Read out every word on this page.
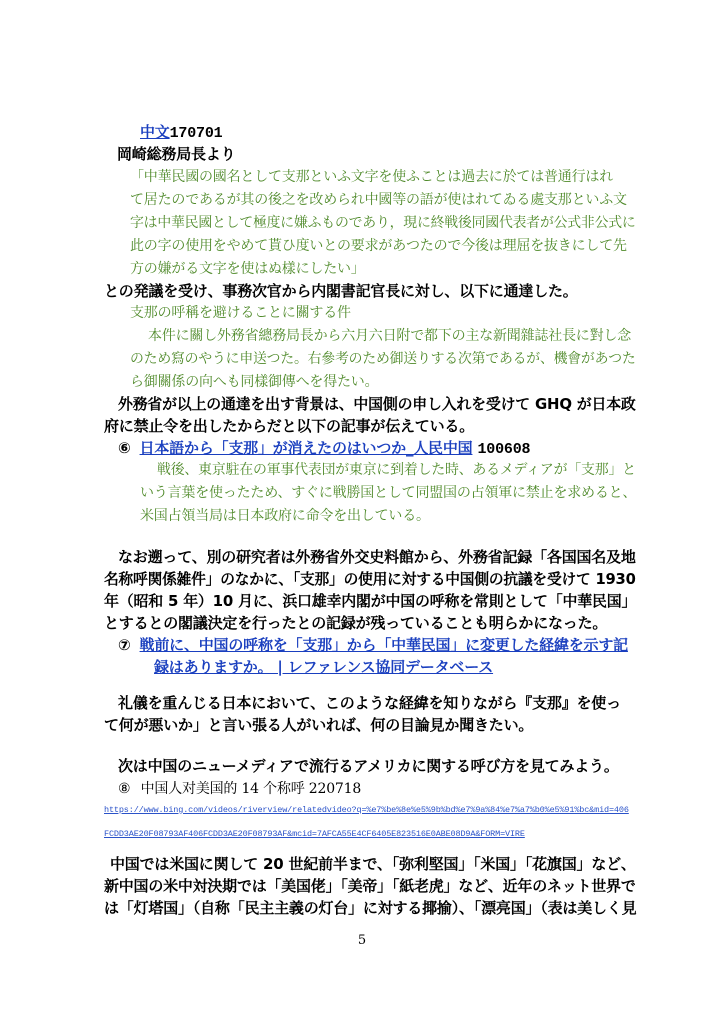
中文170701
岡崎総務局長より
「中華民國の國名として支那といふ文字を使ふことは過去に於ては普通行はれ
て居たのであるが其の後之を改められ中國等の語が使はれてゐる處支那といふ文
字は中華民國として極度に嫌ふものであり，現に終戦後同國代表者が公式非公式に
此の字の使用をやめて貰ひ度いとの要求があつたので今後は理屈を抜きにして先
方の嫌がる文字を使はぬ樣にしたい」
との発議を受け、事務次官から内閣書記官長に対し、以下に通達した。
支那の呼稱を避けることに關する件
本件に關し外務省總務局長から六月六日附で都下の主な新聞雜誌社長に對し念
のため寫のやうに申送つた。右參考のため御送りする次第であるが、機會があつた
ら御關係の向へも同樣御傳へを得たい。
外務省が以上の通達を出す背景は、中国側の申し入れを受けて GHQ が日本政
府に禁止令を出したからだと以下の記事が伝えている。
⑥ 日本語から「支那」が消えたのはいつか_人民中国 100608
戦後、東京駐在の軍事代表団が東京に到着した時、あるメディアが「支那」と
いう言葉を使ったため、すぐに戦勝国として同盟国の占領軍に禁止を求めると、
米国占領当局は日本政府に命令を出している。
なお遡って、別の研究者は外務省外交史料館から、外務省記録「各国国名及地
名称呼関係雑件」のなかに、「支那」の使用に対する中国側の抗議を受けて 1930
年（昭和 5 年）10 月に、浜口雄幸内閣が中国の呼称を常則として「中華民国」
とするとの閣議決定を行ったとの記録が残っていることも明らかになった。
⑦ 戦前に、中国の呼称を「支那」から「中華民国」に変更した経緯を示す記
録はありますか。 | レファレンス協同データベース
礼儀を重んじる日本において、このような経緯を知りながら『支那』を使っ
て何が悪いか」と言い張る人がいれば、何の目論見か聞きたい。
次は中国のニューメディアで流行るアメリカに関する呼び方を見てみよう。
⑧ 中国人对美国的 14 个称呼 220718
https://www.bing.com/videos/riverview/relatedvideo?q=%e7%be%8e%e5%9b%bd%e7%9a%84%e7%a7%b0%e5%91%bc&mid=406
FCDD3AE20F08793AF406FCDD3AE20F08793AF&mcid=7AFCA55E4CF6405E823516E0ABE08D9A&FORM=VIRE
中国では米国に関して 20 世紀前半まで、「弥利堅国」「米国」「花旗国」など、
新中国の米中対決期では「美国佬」「美帝」「紙老虎」など、近年のネット世界で
は「灯塔国」（自称「民主主義の灯台」に対する揶揄）、「漂亮国」（表は美しく見
5
